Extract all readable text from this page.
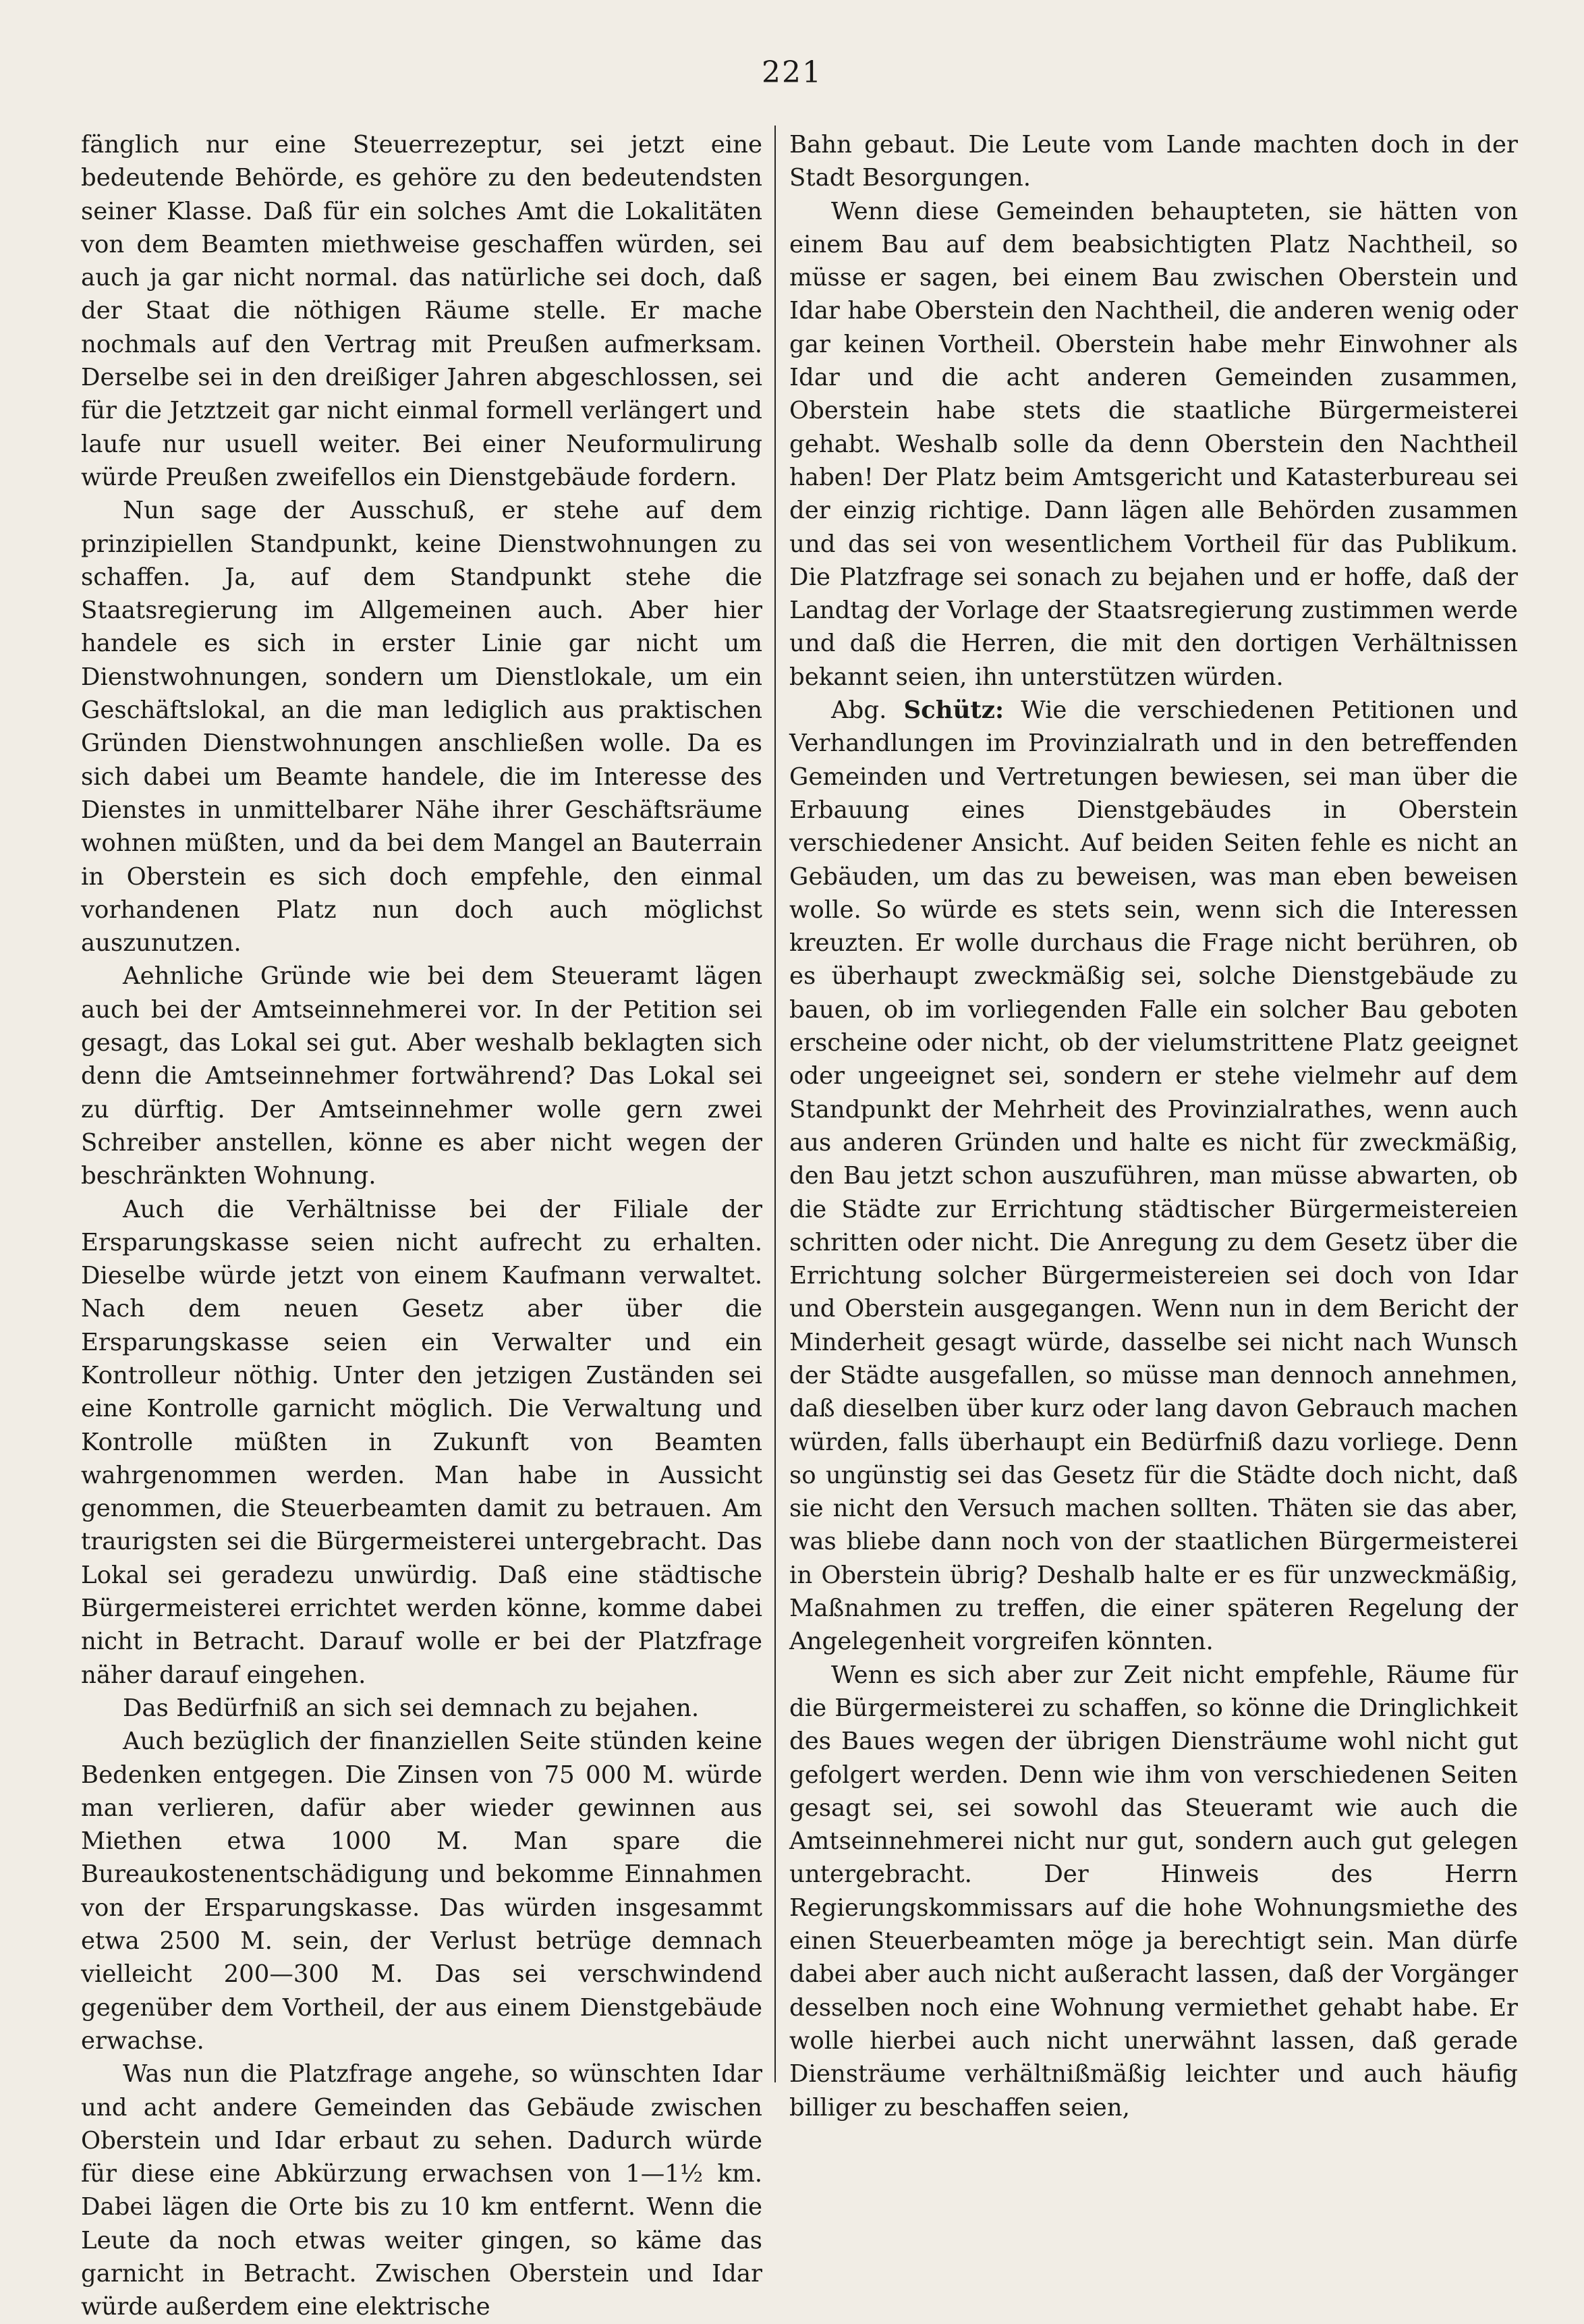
221

fänglich nur eine Steuerrezeptur, sei jetzt eine bedeutende Behörde, es gehöre zu den bedeutendsten seiner Klasse. Daß für ein solches Amt die Lokalitäten von dem Beamten miethweise geschaffen würden, sei auch ja gar nicht normal. das natürliche sei doch, daß der Staat die nöthigen Räume stelle. Er mache nochmals auf den Vertrag mit Preußen aufmerksam. Derselbe sei in den dreißiger Jahren abgeschlossen, sei für die Jetztzeit gar nicht einmal formell verlängert und laufe nur usuell weiter. Bei einer Neuformulirung würde Preußen zweifellos ein Dienstgebäude fordern.

Nun sage der Ausschuß, er stehe auf dem prinzipiellen Standpunkt, keine Dienstwohnungen zu schaffen. Ja, auf dem Standpunkt stehe die Staatsregierung im Allgemeinen auch. Aber hier handele es sich in erster Linie gar nicht um Dienstwohnungen, sondern um Dienstlokale, um ein Geschäftslokal, an die man lediglich aus praktischen Gründen Dienstwohnungen anschließen wolle. Da es sich dabei um Beamte handele, die im Interesse des Dienstes in unmittelbarer Nähe ihrer Geschäftsräume wohnen müßten, und da bei dem Mangel an Bauterrain in Oberstein es sich doch empfehle, den einmal vorhandenen Platz nun doch auch möglichst auszunutzen.

Aehnliche Gründe wie bei dem Steueramt lägen auch bei der Amtseinnehmerei vor. In der Petition sei gesagt, das Lokal sei gut. Aber weshalb beklagten sich denn die Amtseinnehmer fortwährend? Das Lokal sei zu dürftig. Der Amtseinnehmer wolle gern zwei Schreiber anstellen, könne es aber nicht wegen der beschränkten Wohnung.

Auch die Verhältnisse bei der Filiale der Ersparungskasse seien nicht aufrecht zu erhalten. Dieselbe würde jetzt von einem Kaufmann verwaltet. Nach dem neuen Gesetz aber über die Ersparungskasse seien ein Verwalter und ein Kontrolleur nöthig. Unter den jetzigen Zuständen sei eine Kontrolle garnicht möglich. Die Verwaltung und Kontrolle müßten in Zukunft von Beamten wahrgenommen werden. Man habe in Aussicht genommen, die Steuerbeamten damit zu betrauen. Am traurigsten sei die Bürgermeisterei untergebracht. Das Lokal sei geradezu unwürdig. Daß eine städtische Bürgermeisterei errichtet werden könne, komme dabei nicht in Betracht. Darauf wolle er bei der Platzfrage näher darauf eingehen.

Das Bedürfniß an sich sei demnach zu bejahen.

Auch bezüglich der finanziellen Seite stünden keine Bedenken entgegen. Die Zinsen von 75 000 M. würde man verlieren, dafür aber wieder gewinnen aus Miethen etwa 1000 M. Man spare die Bureaukostenentschädigung und bekomme Einnahmen von der Ersparungskasse. Das würden insgesammt etwa 2500 M. sein, der Verlust betrüge demnach vielleicht 200—300 M. Das sei verschwindend gegenüber dem Vortheil, der aus einem Dienstgebäude erwachse.

Was nun die Platzfrage angehe, so wünschten Idar und acht andere Gemeinden das Gebäude zwischen Oberstein und Idar erbaut zu sehen. Dadurch würde für diese eine Abkürzung erwachsen von 1—1½ km. Dabei lägen die Orte bis zu 10 km entfernt. Wenn die Leute da noch etwas weiter gingen, so käme das garnicht in Betracht. Zwischen Oberstein und Idar würde außerdem eine elektrische

Bahn gebaut. Die Leute vom Lande machten doch in der Stadt Besorgungen.

Wenn diese Gemeinden behaupteten, sie hätten von einem Bau auf dem beabsichtigten Platz Nachtheil, so müsse er sagen, bei einem Bau zwischen Oberstein und Idar habe Oberstein den Nachtheil, die anderen wenig oder gar keinen Vortheil. Oberstein habe mehr Einwohner als Idar und die acht anderen Gemeinden zusammen, Oberstein habe stets die staatliche Bürgermeisterei gehabt. Weshalb solle da denn Oberstein den Nachtheil haben! Der Platz beim Amtsgericht und Katasterbureau sei der einzig richtige. Dann lägen alle Behörden zusammen und das sei von wesentlichem Vortheil für das Publikum. Die Platzfrage sei sonach zu bejahen und er hoffe, daß der Landtag der Vorlage der Staatsregierung zustimmen werde und daß die Herren, die mit den dortigen Verhältnissen bekannt seien, ihn unterstützen würden.

Abg. Schütz: Wie die verschiedenen Petitionen und Verhandlungen im Provinzialrath und in den betreffenden Gemeinden und Vertretungen bewiesen, sei man über die Erbauung eines Dienstgebäudes in Oberstein verschiedener Ansicht. Auf beiden Seiten fehle es nicht an Gebäuden, um das zu beweisen, was man eben beweisen wolle. So würde es stets sein, wenn sich die Interessen kreuzten. Er wolle durchaus die Frage nicht berühren, ob es überhaupt zweckmäßig sei, solche Dienstgebäude zu bauen, ob im vorliegenden Falle ein solcher Bau geboten erscheine oder nicht, ob der vielumstrittene Platz geeignet oder ungeeignet sei, sondern er stehe vielmehr auf dem Standpunkt der Mehrheit des Provinzialrathes, wenn auch aus anderen Gründen und halte es nicht für zweckmäßig, den Bau jetzt schon auszuführen, man müsse abwarten, ob die Städte zur Errichtung städtischer Bürgermeistereien schritten oder nicht. Die Anregung zu dem Gesetz über die Errichtung solcher Bürgermeistereien sei doch von Idar und Oberstein ausgegangen. Wenn nun in dem Bericht der Minderheit gesagt würde, dasselbe sei nicht nach Wunsch der Städte ausgefallen, so müsse man dennoch annehmen, daß dieselben über kurz oder lang davon Gebrauch machen würden, falls überhaupt ein Bedürfniß dazu vorliege. Denn so ungünstig sei das Gesetz für die Städte doch nicht, daß sie nicht den Versuch machen sollten. Thäten sie das aber, was bliebe dann noch von der staatlichen Bürgermeisterei in Oberstein übrig? Deshalb halte er es für unzweckmäßig, Maßnahmen zu treffen, die einer späteren Regelung der Angelegenheit vorgreifen könnten.

Wenn es sich aber zur Zeit nicht empfehle, Räume für die Bürgermeisterei zu schaffen, so könne die Dringlichkeit des Baues wegen der übrigen Diensträume wohl nicht gut gefolgert werden. Denn wie ihm von verschiedenen Seiten gesagt sei, sei sowohl das Steueramt wie auch die Amtseinnehmerei nicht nur gut, sondern auch gut gelegen untergebracht. Der Hinweis des Herrn Regierungskommissars auf die hohe Wohnungsmiethe des einen Steuerbeamten möge ja berechtigt sein. Man dürfe dabei aber auch nicht außeracht lassen, daß der Vorgänger desselben noch eine Wohnung vermiethet gehabt habe. Er wolle hierbei auch nicht unerwähnt lassen, daß gerade Diensträume verhältnißmäßig leichter und auch häufig billiger zu beschaffen seien,
